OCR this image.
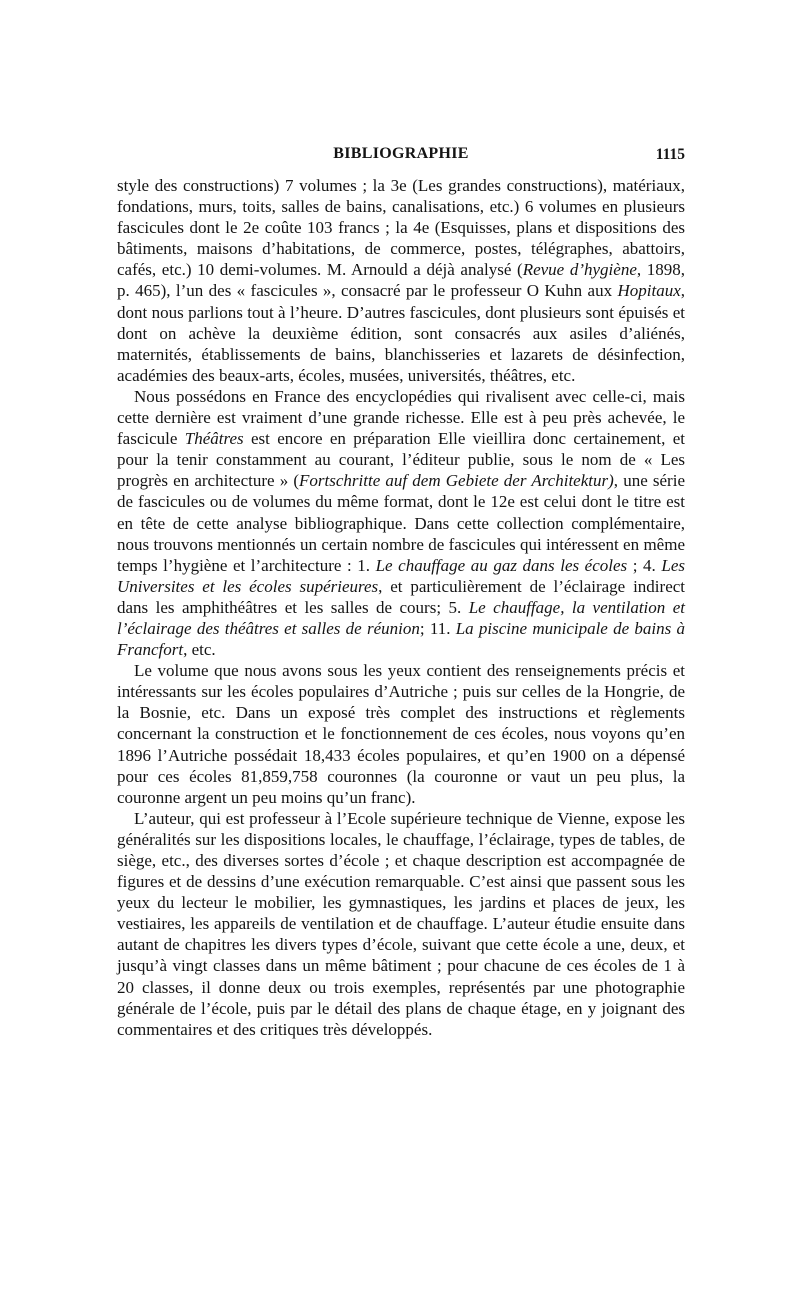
BIBLIOGRAPHIE	1115

style des constructions) 7 volumes ; la 3e (Les grandes constructions), matériaux, fondations, murs, toits, salles de bains, canalisations, etc.) 6 volumes en plusieurs fascicules dont le 2e coûte 103 francs ; la 4e (Esquisses, plans et dispositions des bâtiments, maisons d’habitations, de commerce, postes, télégraphes, abattoirs, cafés, etc.) 10 demi-volumes. M. Arnould a déjà analysé (Revue d’hygiène, 1898, p. 465), l’un des « fascicules », consacré par le professeur O Kuhn aux Hopitaux, dont nous parlions tout à l’heure. D’autres fascicules, dont plusieurs sont épuisés et dont on achève la deuxième édition, sont consacrés aux asiles d’aliénés, maternités, établissements de bains, blanchisseries et lazarets de désinfection, académies des beaux-arts, écoles, musées, universités, théâtres, etc.

Nous possédons en France des encyclopédies qui rivalisent avec celle-ci, mais cette dernière est vraiment d’une grande richesse. Elle est à peu près achevée, le fascicule Théâtres est encore en préparation Elle vieillira donc certainement, et pour la tenir constamment au courant, l’éditeur publie, sous le nom de « Les progrès en architecture » (Fortschritte auf dem Gebiete der Architektur), une série de fascicules ou de volumes du même format, dont le 12e est celui dont le titre est en tête de cette analyse bibliographique. Dans cette collection complémentaire, nous trouvons mentionnés un certain nombre de fascicules qui intéressent en même temps l’hygiène et l’architecture : 1. Le chauffage au gaz dans les écoles ; 4. Les Universites et les écoles supérieures, et particulièrement de l’éclairage indirect dans les amphithéâtres et les salles de cours; 5. Le chauffage, la ventilation et l’éclairage des théâtres et salles de réunion; 11. La piscine municipale de bains à Francfort, etc.

Le volume que nous avons sous les yeux contient des renseignements précis et intéressants sur les écoles populaires d’Autriche ; puis sur celles de la Hongrie, de la Bosnie, etc. Dans un exposé très complet des instructions et règlements concernant la construction et le fonctionnement de ces écoles, nous voyons qu’en 1896 l’Autriche possédait 18,433 écoles populaires, et qu’en 1900 on a dépensé pour ces écoles 81,859,758 couronnes (la couronne or vaut un peu plus, la couronne argent un peu moins qu’un franc).

L’auteur, qui est professeur à l’Ecole supérieure technique de Vienne, expose les généralités sur les dispositions locales, le chauffage, l’éclairage, types de tables, de siège, etc., des diverses sortes d’école ; et chaque description est accompagnée de figures et de dessins d’une exécution remarquable. C’est ainsi que passent sous les yeux du lecteur le mobilier, les gymnastiques, les jardins et places de jeux, les vestiaires, les appareils de ventilation et de chauffage. L’auteur étudie ensuite dans autant de chapitres les divers types d’école, suivant que cette école a une, deux, et jusqu’à vingt classes dans un même bâtiment ; pour chacune de ces écoles de 1 à 20 classes, il donne deux ou trois exemples, représentés par une photographie générale de l’école, puis par le détail des plans de chaque étage, en y joignant des commentaires et des critiques très développés.
